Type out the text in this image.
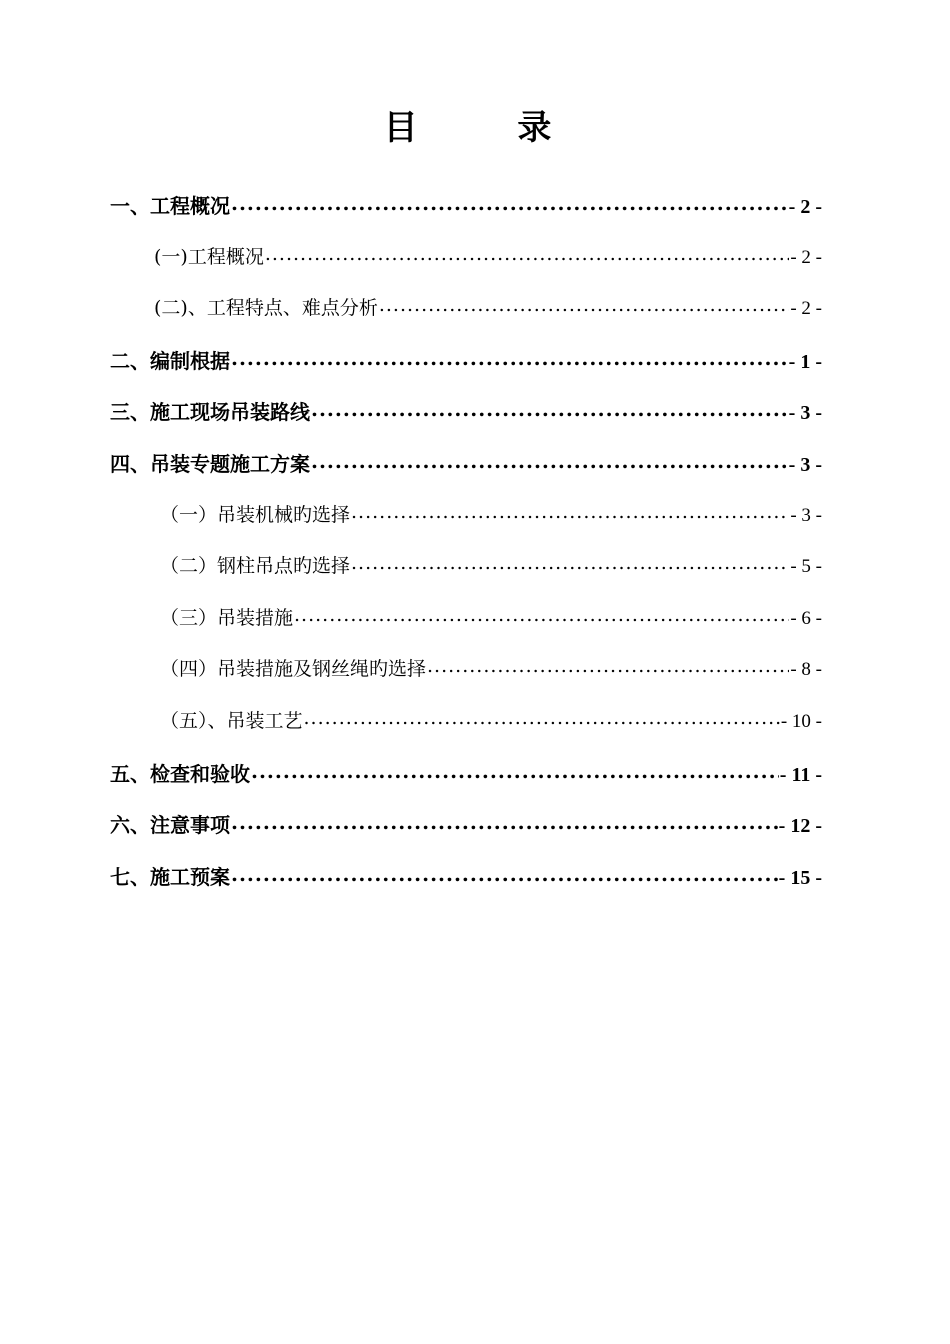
目 录
一、工程概况 .....	- 2 -
(一)工程概况 .....	- 2 -
(二)、工程特点、难点分析 .....	- 2 -
二、编制根据 .....	- 1 -
三、施工现场吊装路线 .....	- 3 -
四、吊装专题施工方案 .....	- 3 -
（一）吊装机械旳选择 .....	- 3 -
（二）钢柱吊点旳选择 .....	- 5 -
（三）吊装措施 .....	- 6 -
（四）吊装措施及钢丝绳旳选择 .....	- 8 -
（五）、吊装工艺 .....	- 10 -
五、检查和验收 .....	- 11 -
六、注意事项 .....	- 12 -
七、施工预案 .....	- 15 -
